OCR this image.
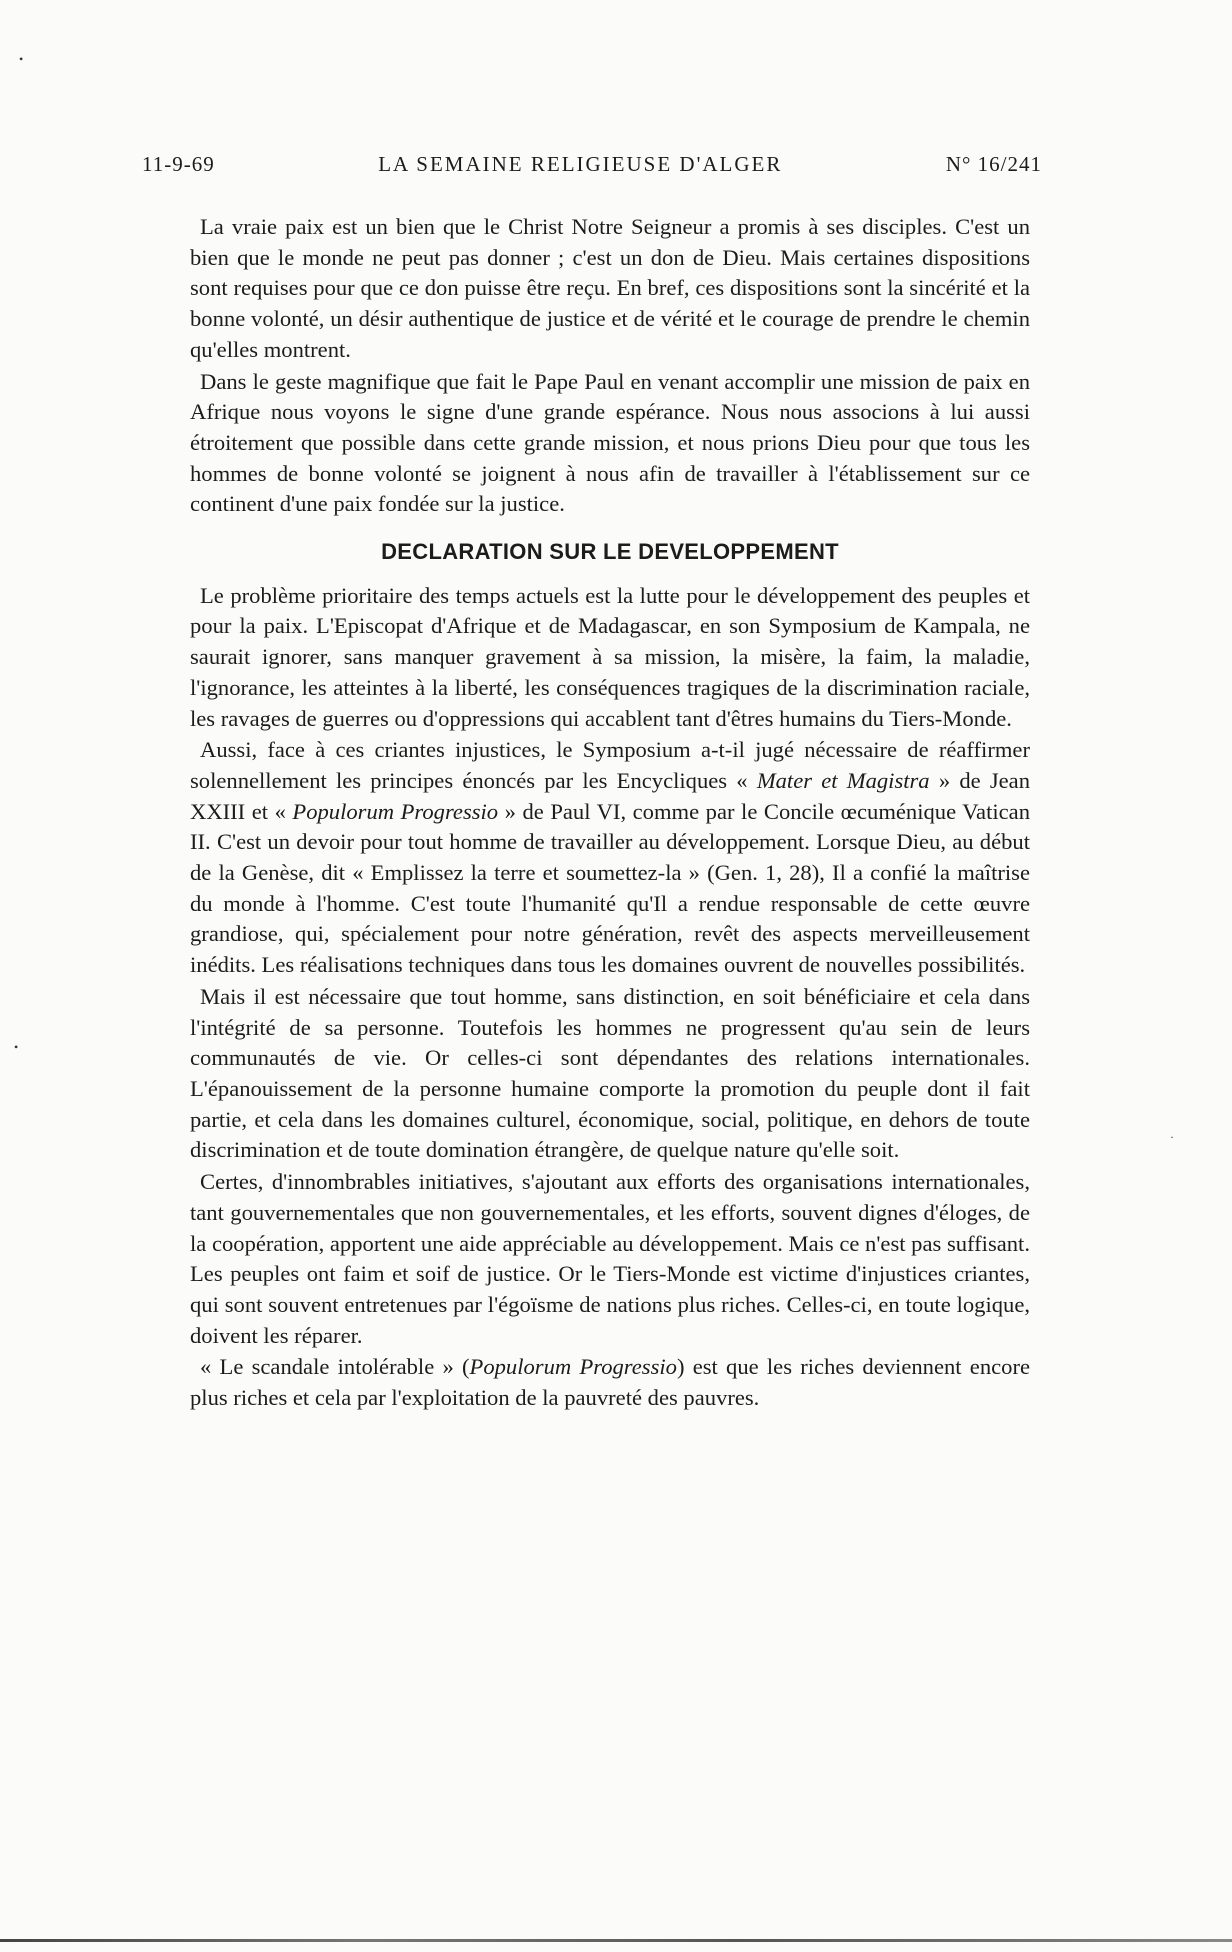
•
•
·
11-9-69	LA SEMAINE RELIGIEUSE D'ALGER	N° 16/241

La vraie paix est un bien que le Christ Notre Seigneur a promis à ses disciples. C'est un bien que le monde ne peut pas donner ; c'est un don de Dieu. Mais certaines dispositions sont requises pour que ce don puisse être reçu. En bref, ces dispositions sont la sincérité et la bonne volonté, un désir authentique de justice et de vérité et le courage de prendre le chemin qu'elles montrent.

Dans le geste magnifique que fait le Pape Paul en venant accomplir une mission de paix en Afrique nous voyons le signe d'une grande espérance. Nous nous associons à lui aussi étroitement que possible dans cette grande mission, et nous prions Dieu pour que tous les hommes de bonne volonté se joignent à nous afin de travailler à l'établissement sur ce continent d'une paix fondée sur la justice.

DECLARATION SUR LE DEVELOPPEMENT

Le problème prioritaire des temps actuels est la lutte pour le développement des peuples et pour la paix. L'Episcopat d'Afrique et de Madagascar, en son Symposium de Kampala, ne saurait ignorer, sans manquer gravement à sa mission, la misère, la faim, la maladie, l'ignorance, les atteintes à la liberté, les conséquences tragiques de la discrimination raciale, les ravages de guerres ou d'oppressions qui accablent tant d'êtres humains du Tiers-Monde.

Aussi, face à ces criantes injustices, le Symposium a-t-il jugé nécessaire de réaffirmer solennellement les principes énoncés par les Encycliques « Mater et Magistra » de Jean XXIII et « Populorum Progressio » de Paul VI, comme par le Concile œcuménique Vatican II. C'est un devoir pour tout homme de travailler au développement. Lorsque Dieu, au début de la Genèse, dit « Emplissez la terre et soumettez-la » (Gen. 1, 28), Il a confié la maîtrise du monde à l'homme. C'est toute l'humanité qu'Il a rendue responsable de cette œuvre grandiose, qui, spécialement pour notre génération, revêt des aspects merveilleusement inédits. Les réalisations techniques dans tous les domaines ouvrent de nouvelles possibilités.

Mais il est nécessaire que tout homme, sans distinction, en soit bénéficiaire et cela dans l'intégrité de sa personne. Toutefois les hommes ne progressent qu'au sein de leurs communautés de vie. Or celles-ci sont dépendantes des relations internationales. L'épanouissement de la personne humaine comporte la promotion du peuple dont il fait partie, et cela dans les domaines culturel, économique, social, politique, en dehors de toute discrimination et de toute domination étrangère, de quelque nature qu'elle soit.

Certes, d'innombrables initiatives, s'ajoutant aux efforts des organisations internationales, tant gouvernementales que non gouvernementales, et les efforts, souvent dignes d'éloges, de la coopération, apportent une aide appréciable au développement. Mais ce n'est pas suffisant. Les peuples ont faim et soif de justice. Or le Tiers-Monde est victime d'injustices criantes, qui sont souvent entretenues par l'égoïsme de nations plus riches. Celles-ci, en toute logique, doivent les réparer.

« Le scandale intolérable » (Populorum Progressio) est que les riches deviennent encore plus riches et cela par l'exploitation de la pauvreté des pauvres.
